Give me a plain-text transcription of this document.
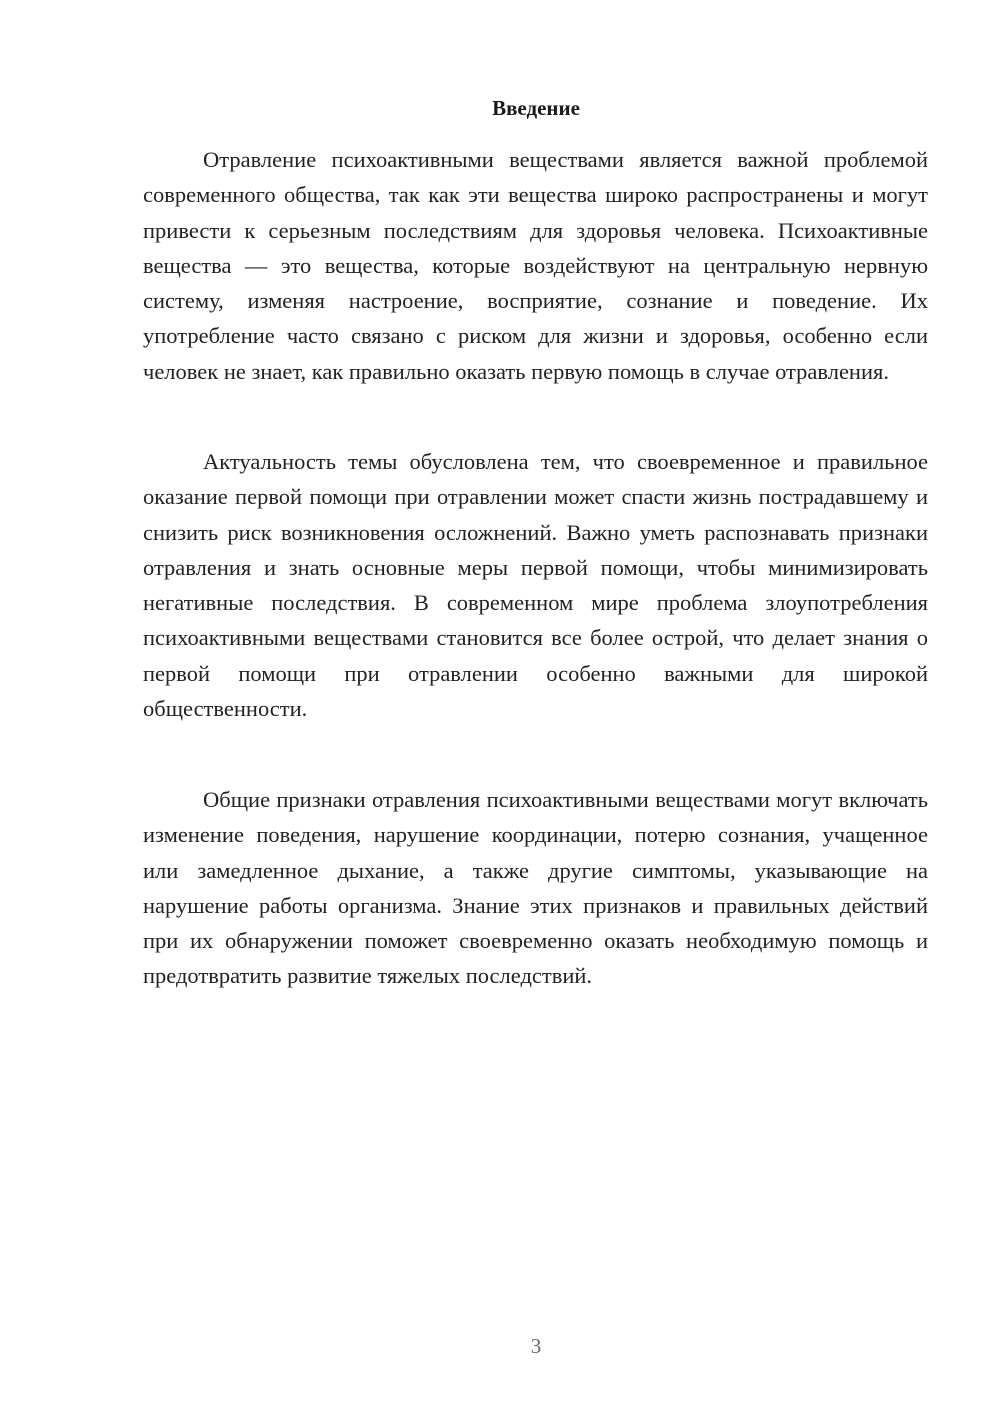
Введение

Отравление психоактивными веществами является важной проблемой современного общества, так как эти вещества широко распространены и могут привести к серьезным последствиям для здоровья человека. Психоактивные вещества — это вещества, которые воздействуют на центральную нервную систему, изменяя настроение, восприятие, сознание и поведение. Их употребление часто связано с риском для жизни и здоровья, особенно если человек не знает, как правильно оказать первую помощь в случае отравления.

Актуальность темы обусловлена тем, что своевременное и правильное оказание первой помощи при отравлении может спасти жизнь пострадавшему и снизить риск возникновения осложнений. Важно уметь распознавать признаки отравления и знать основные меры первой помощи, чтобы минимизировать негативные последствия. В современном мире проблема злоупотребления психоактивными веществами становится все более острой, что делает знания о первой помощи при отравлении особенно важными для широкой общественности.

Общие признаки отравления психоактивными веществами могут включать изменение поведения, нарушение координации, потерю сознания, учащенное или замедленное дыхание, а также другие симптомы, указывающие на нарушение работы организма. Знание этих признаков и правильных действий при их обнаружении поможет своевременно оказать необходимую помощь и предотвратить развитие тяжелых последствий.

3
